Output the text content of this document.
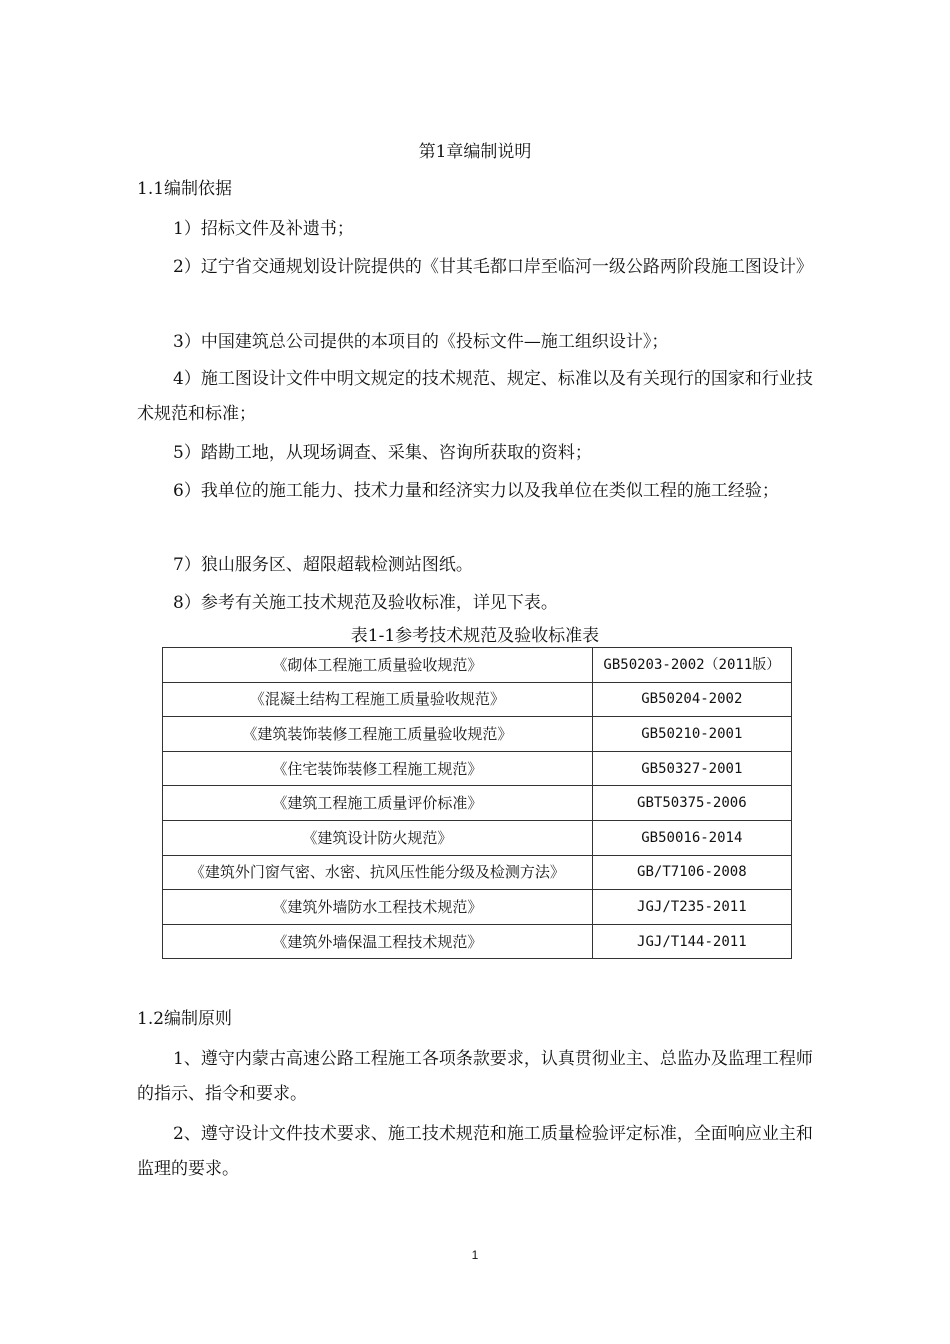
第1章编制说明
1.1编制依据
1）招标文件及补遗书；
2）辽宁省交通规划设计院提供的《甘其毛都口岸至临河一级公路两阶段施工图设计》
3）中国建筑总公司提供的本项目的《投标文件—施工组织设计》；
4）施工图设计文件中明文规定的技术规范、规定、标准以及有关现行的国家和行业技术规范和标准；
5）踏勘工地，从现场调查、采集、咨询所获取的资料；
6）我单位的施工能力、技术力量和经济实力以及我单位在类似工程的施工经验；
7）狼山服务区、超限超载检测站图纸。
8）参考有关施工技术规范及验收标准，详见下表。
表1-1参考技术规范及验收标准表
《砌体工程施工质量验收规范》	GB50203-2002（2011版）
《混凝土结构工程施工质量验收规范》	GB50204-2002
《建筑装饰装修工程施工质量验收规范》	GB50210-2001
《住宅装饰装修工程施工规范》	GB50327-2001
《建筑工程施工质量评价标准》	GBT50375-2006
《建筑设计防火规范》	GB50016-2014
《建筑外门窗气密、水密、抗风压性能分级及检测方法》	GB/T7106-2008
《建筑外墙防水工程技术规范》	JGJ/T235-2011
《建筑外墙保温工程技术规范》	JGJ/T144-2011
1.2编制原则
1、遵守内蒙古高速公路工程施工各项条款要求，认真贯彻业主、总监办及监理工程师的指示、指令和要求。
2、遵守设计文件技术要求、施工技术规范和施工质量检验评定标准，全面响应业主和监理的要求。
1
